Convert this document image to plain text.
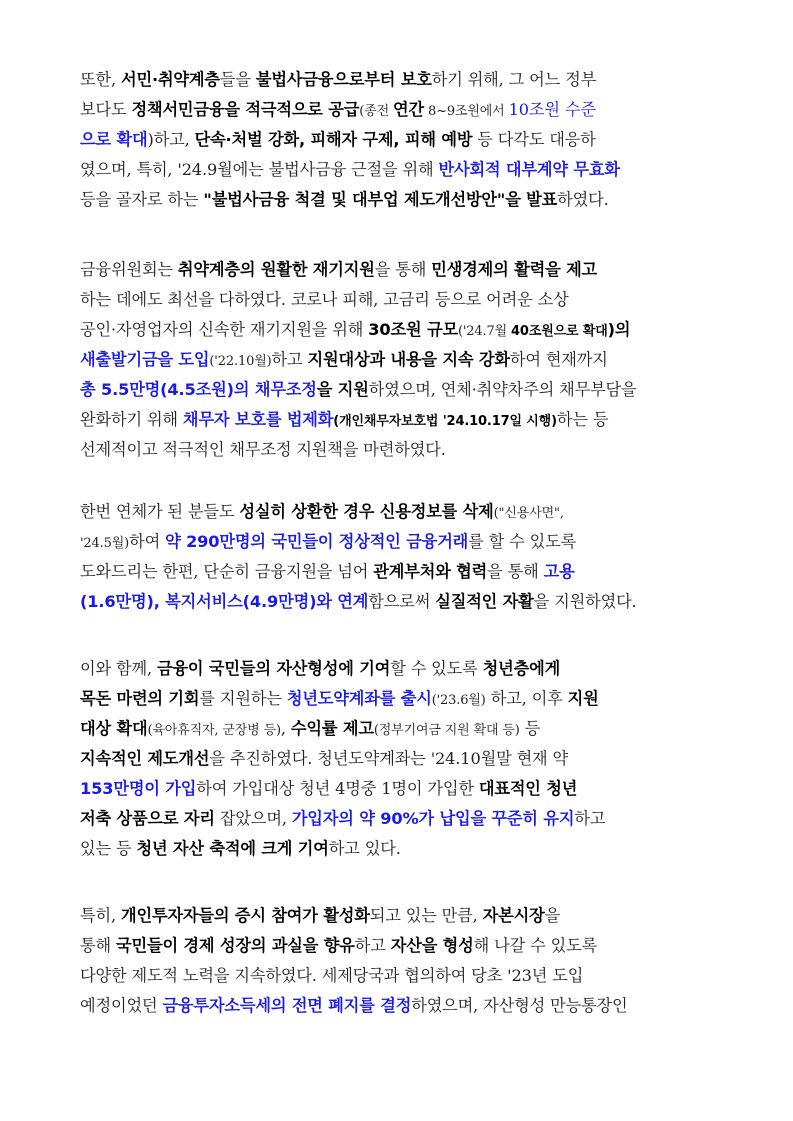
또한, 서민·취약계층들을 불법사금융으로부터 보호하기 위해, 그 어느 정부
보다도 정책서민금융을 적극적으로 공급(종전 연간 8~9조원에서 10조원 수준
으로 확대)하고, 단속·처벌 강화, 피해자 구제, 피해 예방 등 다각도 대응하
였으며, 특히, '24.9월에는 불법사금융 근절을 위해 반사회적 대부계약 무효화
등을 골자로 하는 "불법사금융 척결 및 대부업 제도개선방안"을 발표하였다.
금융위원회는 취약계층의 원활한 재기지원을 통해 민생경제의 활력을 제고
하는 데에도 최선을 다하였다. 코로나 피해, 고금리 등으로 어려운 소상
공인·자영업자의 신속한 재기지원을 위해 30조원 규모('24.7월 40조원으로 확대)의
새출발기금을 도입('22.10월)하고 지원대상과 내용을 지속 강화하여 현재까지
총 5.5만명(4.5조원)의 채무조정을 지원하였으며, 연체·취약차주의 채무부담을
완화하기 위해 채무자 보호를 법제화(개인채무자보호법 '24.10.17일 시행)하는 등
선제적이고 적극적인 채무조정 지원책을 마련하였다.
한번 연체가 된 분들도 성실히 상환한 경우 신용정보를 삭제("신용사면",
'24.5월)하여 약 290만명의 국민들이 정상적인 금융거래를 할 수 있도록
도와드리는 한편, 단순히 금융지원을 넘어 관계부처와 협력을 통해 고용
(1.6만명), 복지서비스(4.9만명)와 연계함으로써 실질적인 자활을 지원하였다.
이와 함께, 금융이 국민들의 자산형성에 기여할 수 있도록 청년층에게
목돈 마련의 기회를 지원하는 청년도약계좌를 출시('23.6월) 하고, 이후 지원
대상 확대(육아휴직자, 군장병 등), 수익률 제고(정부기여금 지원 확대 등) 등
지속적인 제도개선을 추진하였다. 청년도약계좌는 '24.10월말 현재 약
153만명이 가입하여 가입대상 청년 4명중 1명이 가입한 대표적인 청년
저축 상품으로 자리 잡았으며, 가입자의 약 90%가 납입을 꾸준히 유지하고
있는 등 청년 자산 축적에 크게 기여하고 있다.
특히, 개인투자자들의 증시 참여가 활성화되고 있는 만큼, 자본시장을
통해 국민들이 경제 성장의 과실을 향유하고 자산을 형성해 나갈 수 있도록
다양한 제도적 노력을 지속하였다. 세제당국과 협의하여 당초 '23년 도입
예정이었던 금융투자소득세의 전면 폐지를 결정하였으며, 자산형성 만능통장인
